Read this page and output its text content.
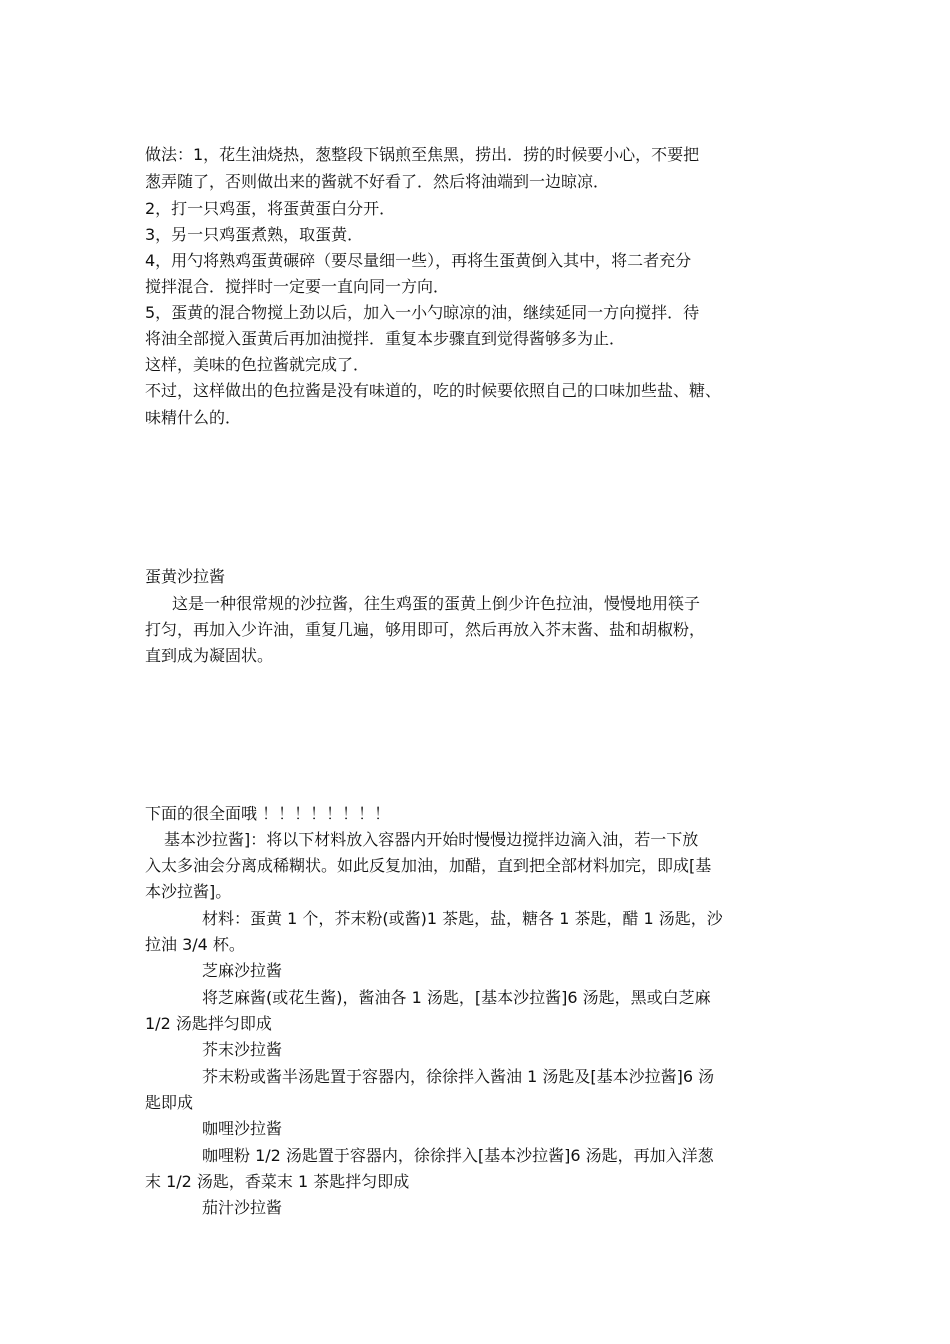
做法：1，花生油烧热，葱整段下锅煎至焦黑，捞出．捞的时候要小心，不要把
葱弄随了，否则做出来的酱就不好看了．然后将油端到一边晾凉．
2，打一只鸡蛋，将蛋黄蛋白分开．
3，另一只鸡蛋煮熟，取蛋黄．
4，用勺将熟鸡蛋黄碾碎（要尽量细一些），再将生蛋黄倒入其中，将二者充分
搅拌混合．搅拌时一定要一直向同一方向．
5，蛋黄的混合物搅上劲以后，加入一小勺晾凉的油，继续延同一方向搅拌．待
将油全部搅入蛋黄后再加油搅拌．重复本步骤直到觉得酱够多为止．
这样，美味的色拉酱就完成了．
不过，这样做出的色拉酱是没有味道的，吃的时候要依照自己的口味加些盐、糖、
味精什么的．
蛋黄沙拉酱
这是一种很常规的沙拉酱，往生鸡蛋的蛋黄上倒少许色拉油，慢慢地用筷子
打匀，再加入少许油，重复几遍，够用即可，然后再放入芥末酱、盐和胡椒粉，
直到成为凝固状。
下面的很全面哦 ！！！！！！！！
基本沙拉酱]：将以下材料放入容器内开始时慢慢边搅拌边滴入油，若一下放
入太多油会分离成稀糊状。如此反复加油，加醋，直到把全部材料加完，即成[基
本沙拉酱]。
材料：蛋黄 1 个，芥末粉(或酱)1 茶匙，盐，糖各 1 茶匙，醋 1 汤匙，沙
拉油 3/4 杯。
芝麻沙拉酱
将芝麻酱(或花生酱)，酱油各 1 汤匙，[基本沙拉酱]6 汤匙，黑或白芝麻
1/2 汤匙拌匀即成
芥末沙拉酱
芥末粉或酱半汤匙置于容器内，徐徐拌入酱油 1 汤匙及[基本沙拉酱]6 汤
匙即成
咖哩沙拉酱
咖哩粉 1/2 汤匙置于容器内，徐徐拌入[基本沙拉酱]6 汤匙，再加入洋葱
末 1/2 汤匙，香菜末 1 茶匙拌匀即成
茄汁沙拉酱
